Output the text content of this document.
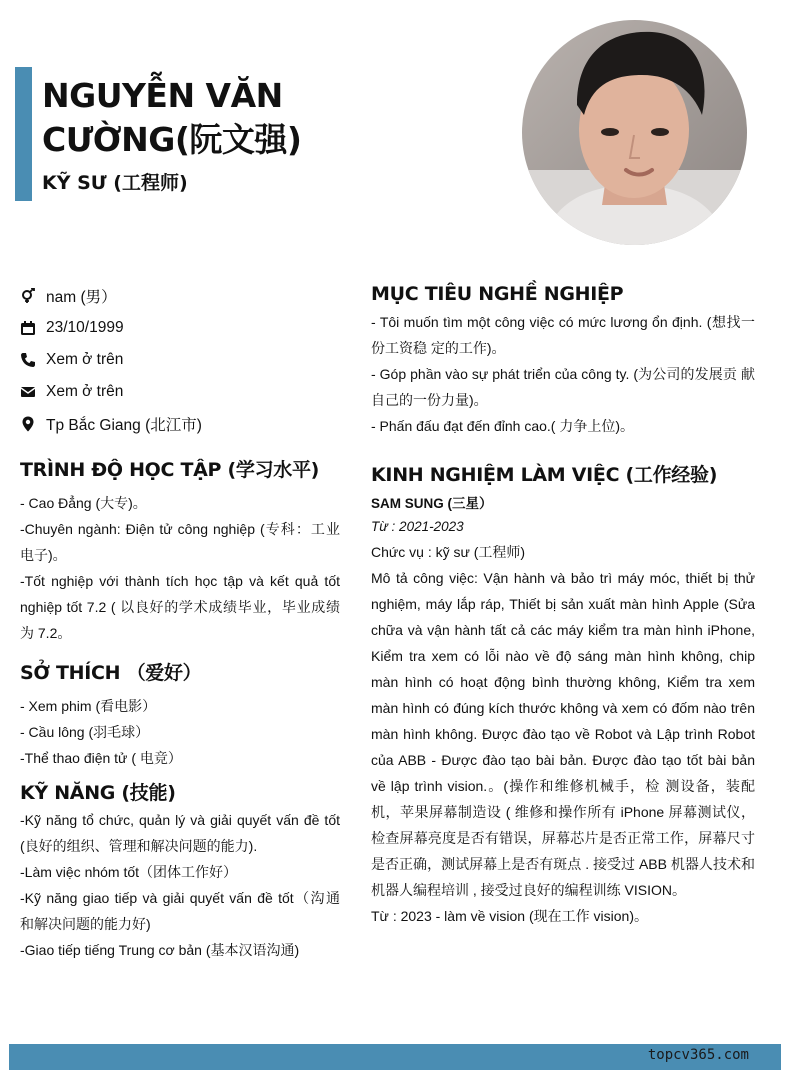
NGUYỄN VĂN CƯỜNG(阮文强)
KỸ SƯ (工程师)
nam (男）
23/10/1999
Xem ở trên
Xem ở trên
Tp Bắc Giang (北江市)
TRÌNH ĐỘ HỌC TẬP (学习水平)
- Cao Đẳng (大专)。
-Chuyên ngành: Điện tử công nghiệp (专科：工业电子)。
-Tốt nghiệp với thành tích học tập và kết quả tốt nghiệp tốt 7.2 ( 以良好的学术成绩毕业，毕业成绩为 7.2。
SỞ THÍCH （爱好）
- Xem phim (看电影）
- Cầu lông (羽毛球）
-Thể thao điện tử ( 电竞）
KỸ NĂNG (技能)
-Kỹ năng tổ chức, quản lý và giải quyết vấn đề tốt (良好的组织、管理和解决问题的能力).
-Làm việc nhóm tốt（团体工作好）
-Kỹ năng giao tiếp và giải quyết vấn đề tốt（沟通 和解决问题的能力好)
-Giao tiếp tiếng Trung cơ bản (基本汉语沟通)
MỤC TIÊU NGHỀ NGHIỆP
- Tôi muốn tìm một công việc có mức lương ổn định. (想找一份工资稳 定的工作)。
- Góp phần vào sự phát triển của công ty. (为公司的发展贡 献自己的一份力量)。
- Phấn đấu đạt đến đỉnh cao.( 力争上位)。
KINH NGHIỆM LÀM VIỆC (工作经验)
SAM SUNG (三星）
Từ : 2021-2023
Chức vụ : kỹ sư (工程师)
Mô tả công việc: Vận hành và bảo trì máy móc, thiết bị thử nghiệm, máy lắp ráp, Thiết bị sản xuất màn hình Apple (Sửa chữa và vận hành tất cả các máy kiểm tra màn hình iPhone, Kiểm tra xem có lỗi nào về độ sáng màn hình không, chip màn hình có hoạt động bình thường không, Kiểm tra xem màn hình có đúng kích thước không và xem có đốm nào trên màn hình không. Được đào tạo về Robot và Lập trình Robot của ABB - Được đào tạo bài bản. Được đào tạo tốt bài bản về lập trình vision.。(操作和维修机械手，检 测设备，装配机，苹果屏幕制造设 ( 维修和操作所有 iPhone 屏幕测试仪，检查屏幕亮度是否有错误，屏幕芯片是否正常工作，屏幕尺寸是否正确，测试屏幕上是否有斑点 . 接受过 ABB 机器人技术和机器人编程培训 , 接受过良好的编程训练 VISION。
Từ : 2023 - làm về vision (现在工作 vision)。
topcv365.com
